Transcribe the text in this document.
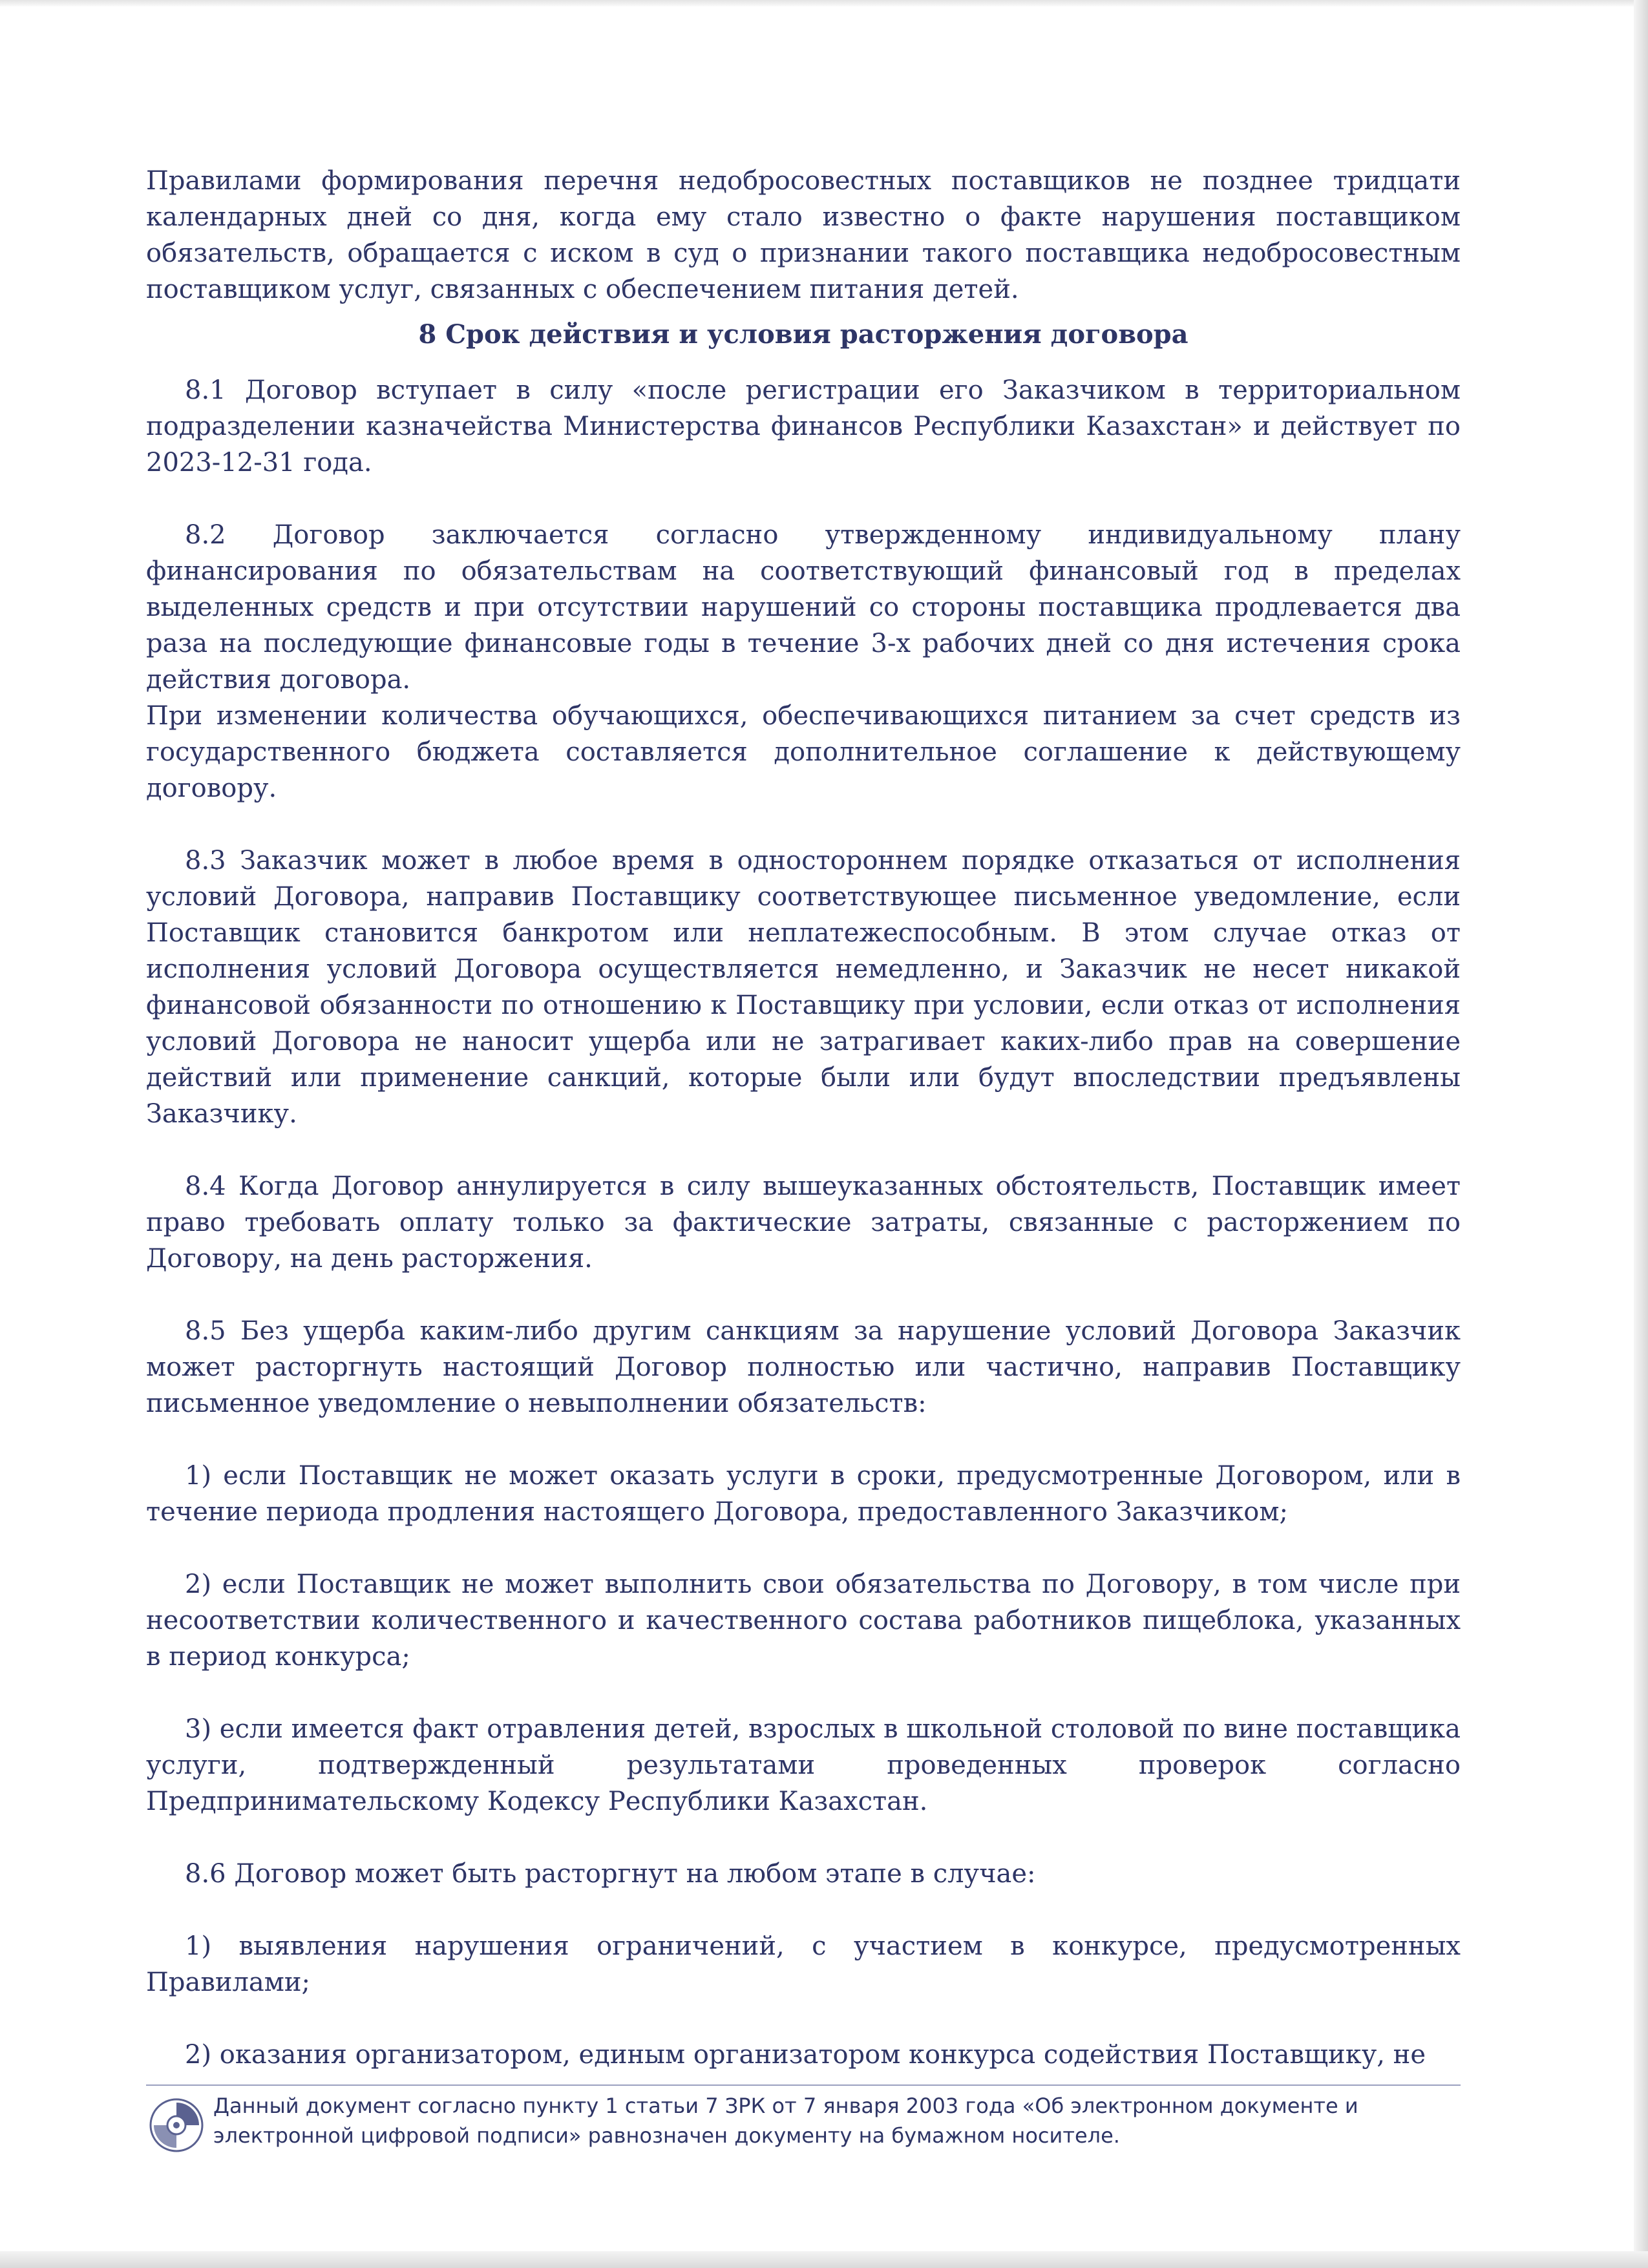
Правилами формирования перечня недобросовестных поставщиков не позднее тридцати календарных дней со дня, когда ему стало известно о факте нарушения поставщиком обязательств, обращается с иском в суд о признании такого поставщика недобросовестным поставщиком услуг, связанных с обеспечением питания детей.

8 Срок действия и условия расторжения договора

8.1 Договор вступает в силу «после регистрации его Заказчиком в территориальном подразделении казначейства Министерства финансов Республики Казахстан» и действует по 2023-12-31 года.

8.2 Договор заключается согласно утвержденному индивидуальному плану финансирования по обязательствам на соответствующий финансовый год в пределах выделенных средств и при отсутствии нарушений со стороны поставщика продлевается два раза на последующие финансовые годы в течение 3-х рабочих дней со дня истечения срока действия договора.

При изменении количества обучающихся, обеспечивающихся питанием за счет средств из государственного бюджета составляется дополнительное соглашение к действующему договору.

8.3 Заказчик может в любое время в одностороннем порядке отказаться от исполнения условий Договора, направив Поставщику соответствующее письменное уведомление, если Поставщик становится банкротом или неплатежеспособным. В этом случае отказ от исполнения условий Договора осуществляется немедленно, и Заказчик не несет никакой финансовой обязанности по отношению к Поставщику при условии, если отказ от исполнения условий Договора не наносит ущерба или не затрагивает каких-либо прав на совершение действий или применение санкций, которые были или будут впоследствии предъявлены Заказчику.

8.4 Когда Договор аннулируется в силу вышеуказанных обстоятельств, Поставщик имеет право требовать оплату только за фактические затраты, связанные с расторжением по Договору, на день расторжения.

8.5 Без ущерба каким-либо другим санкциям за нарушение условий Договора Заказчик может расторгнуть настоящий Договор полностью или частично, направив Поставщику письменное уведомление о невыполнении обязательств:

1) если Поставщик не может оказать услуги в сроки, предусмотренные Договором, или в течение периода продления настоящего Договора, предоставленного Заказчиком;

2) если Поставщик не может выполнить свои обязательства по Договору, в том числе при несоответствии количественного и качественного состава работников пищеблока, указанных в период конкурса;

3) если имеется факт отравления детей, взрослых в школьной столовой по вине поставщика услуги, подтвержденный результатами проведенных проверок согласно Предпринимательскому Кодексу Республики Казахстан.

8.6 Договор может быть расторгнут на любом этапе в случае:

1) выявления нарушения ограничений, с участием в конкурсе, предусмотренных Правилами;

2) оказания организатором, единым организатором конкурса содействия Поставщику, не

Данный документ согласно пункту 1 статьи 7 ЗРК от 7 января 2003 года «Об электронном документе и
электронной цифровой подписи» равнозначен документу на бумажном носителе.
